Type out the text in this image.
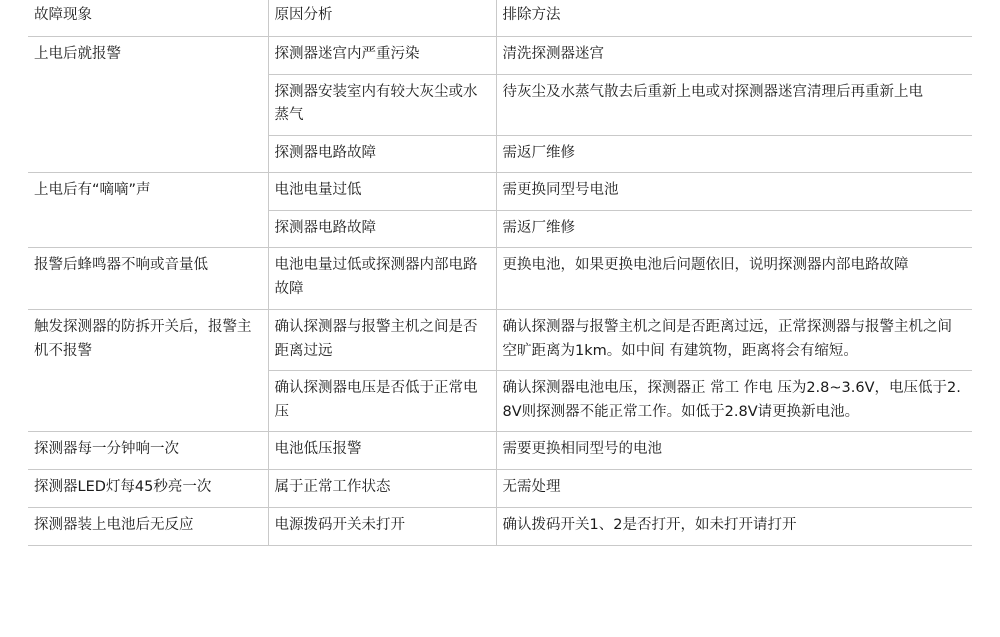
故障现象	原因分析	排除方法

上电后就报警	探测器迷宫内严重污染	清洗探测器迷宫

	探测器安装室内有较大灰尘或水蒸气	待灰尘及水蒸气散去后重新上电或对探测器迷宫清理后再重新上电

	探测器电路故障	需返厂维修

上电后有“嘀嘀”声	电池电量过低	需更换同型号电池

	探测器电路故障	需返厂维修

报警后蜂鸣器不响或音量低	电池电量过低或探测器内部电路故障	更换电池，如果更换电池后问题依旧，说明探测器内部电路故障

触发探测器的防拆开关后，报警主机不报警	确认探测器与报警主机之间是否距离过远	确认探测器与报警主机之间是否距离过远，正常探测器与报警主机之间空旷距离为1km。如中间 有建筑物，距离将会有缩短。

	确认探测器电压是否低于正常电压	确认探测器电池电压，探测器正 常工 作电 压为2.8~3.6V，电压低于2.8V则探测器不能正常工作。如低于2.8V请更换新电池。

探测器每一分钟响一次	电池低压报警	需要更换相同型号的电池

探测器LED灯每45秒亮一次	属于正常工作状态	无需处理

探测器装上电池后无反应	电源拨码开关未打开	确认拨码开关1、2是否打开，如未打开请打开
